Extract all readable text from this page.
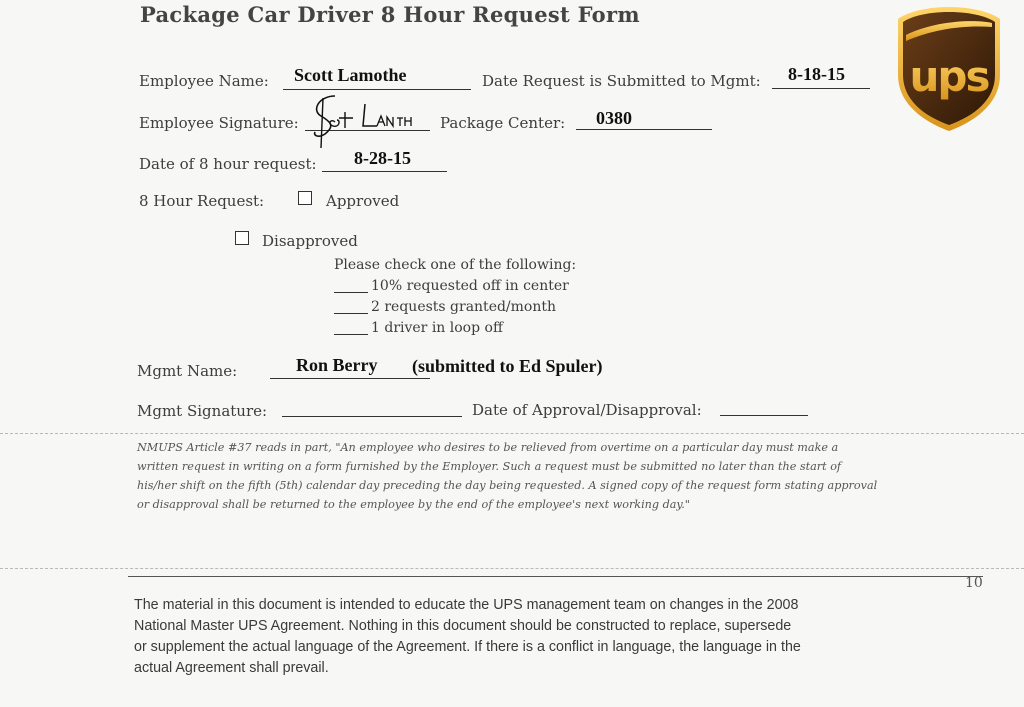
Package Car Driver 8 Hour Request Form
Employee Name: Scott Lamothe	Date Request is Submitted to Mgmt: 8-18-15
Employee Signature:	Package Center: 0380
Date of 8 hour request: 8-28-15
8 Hour Request:	Approved
Disapproved
Please check one of the following:
10% requested off in center
2 requests granted/month
1 driver in loop off
Mgmt Name:	Ron Berry (submitted to Ed Spuler)
Mgmt Signature:	Date of Approval/Disapproval:
NMUPS Article #37 reads in part, "An employee who desires to be relieved from overtime on a particular day must make a
written request in writing on a form furnished by the Employer. Such a request must be submitted no later than the start of
his/her shift on the fifth (5th) calendar day preceding the day being requested. A signed copy of the request form stating approval
or disapproval shall be returned to the employee by the end of the employee's next working day."
10
The material in this document is intended to educate the UPS management team on changes in the 2008
National Master UPS Agreement. Nothing in this document should be constructed to replace, supersede
or supplement the actual language of the Agreement. If there is a conflict in language, the language in the
actual Agreement shall prevail.
ups
